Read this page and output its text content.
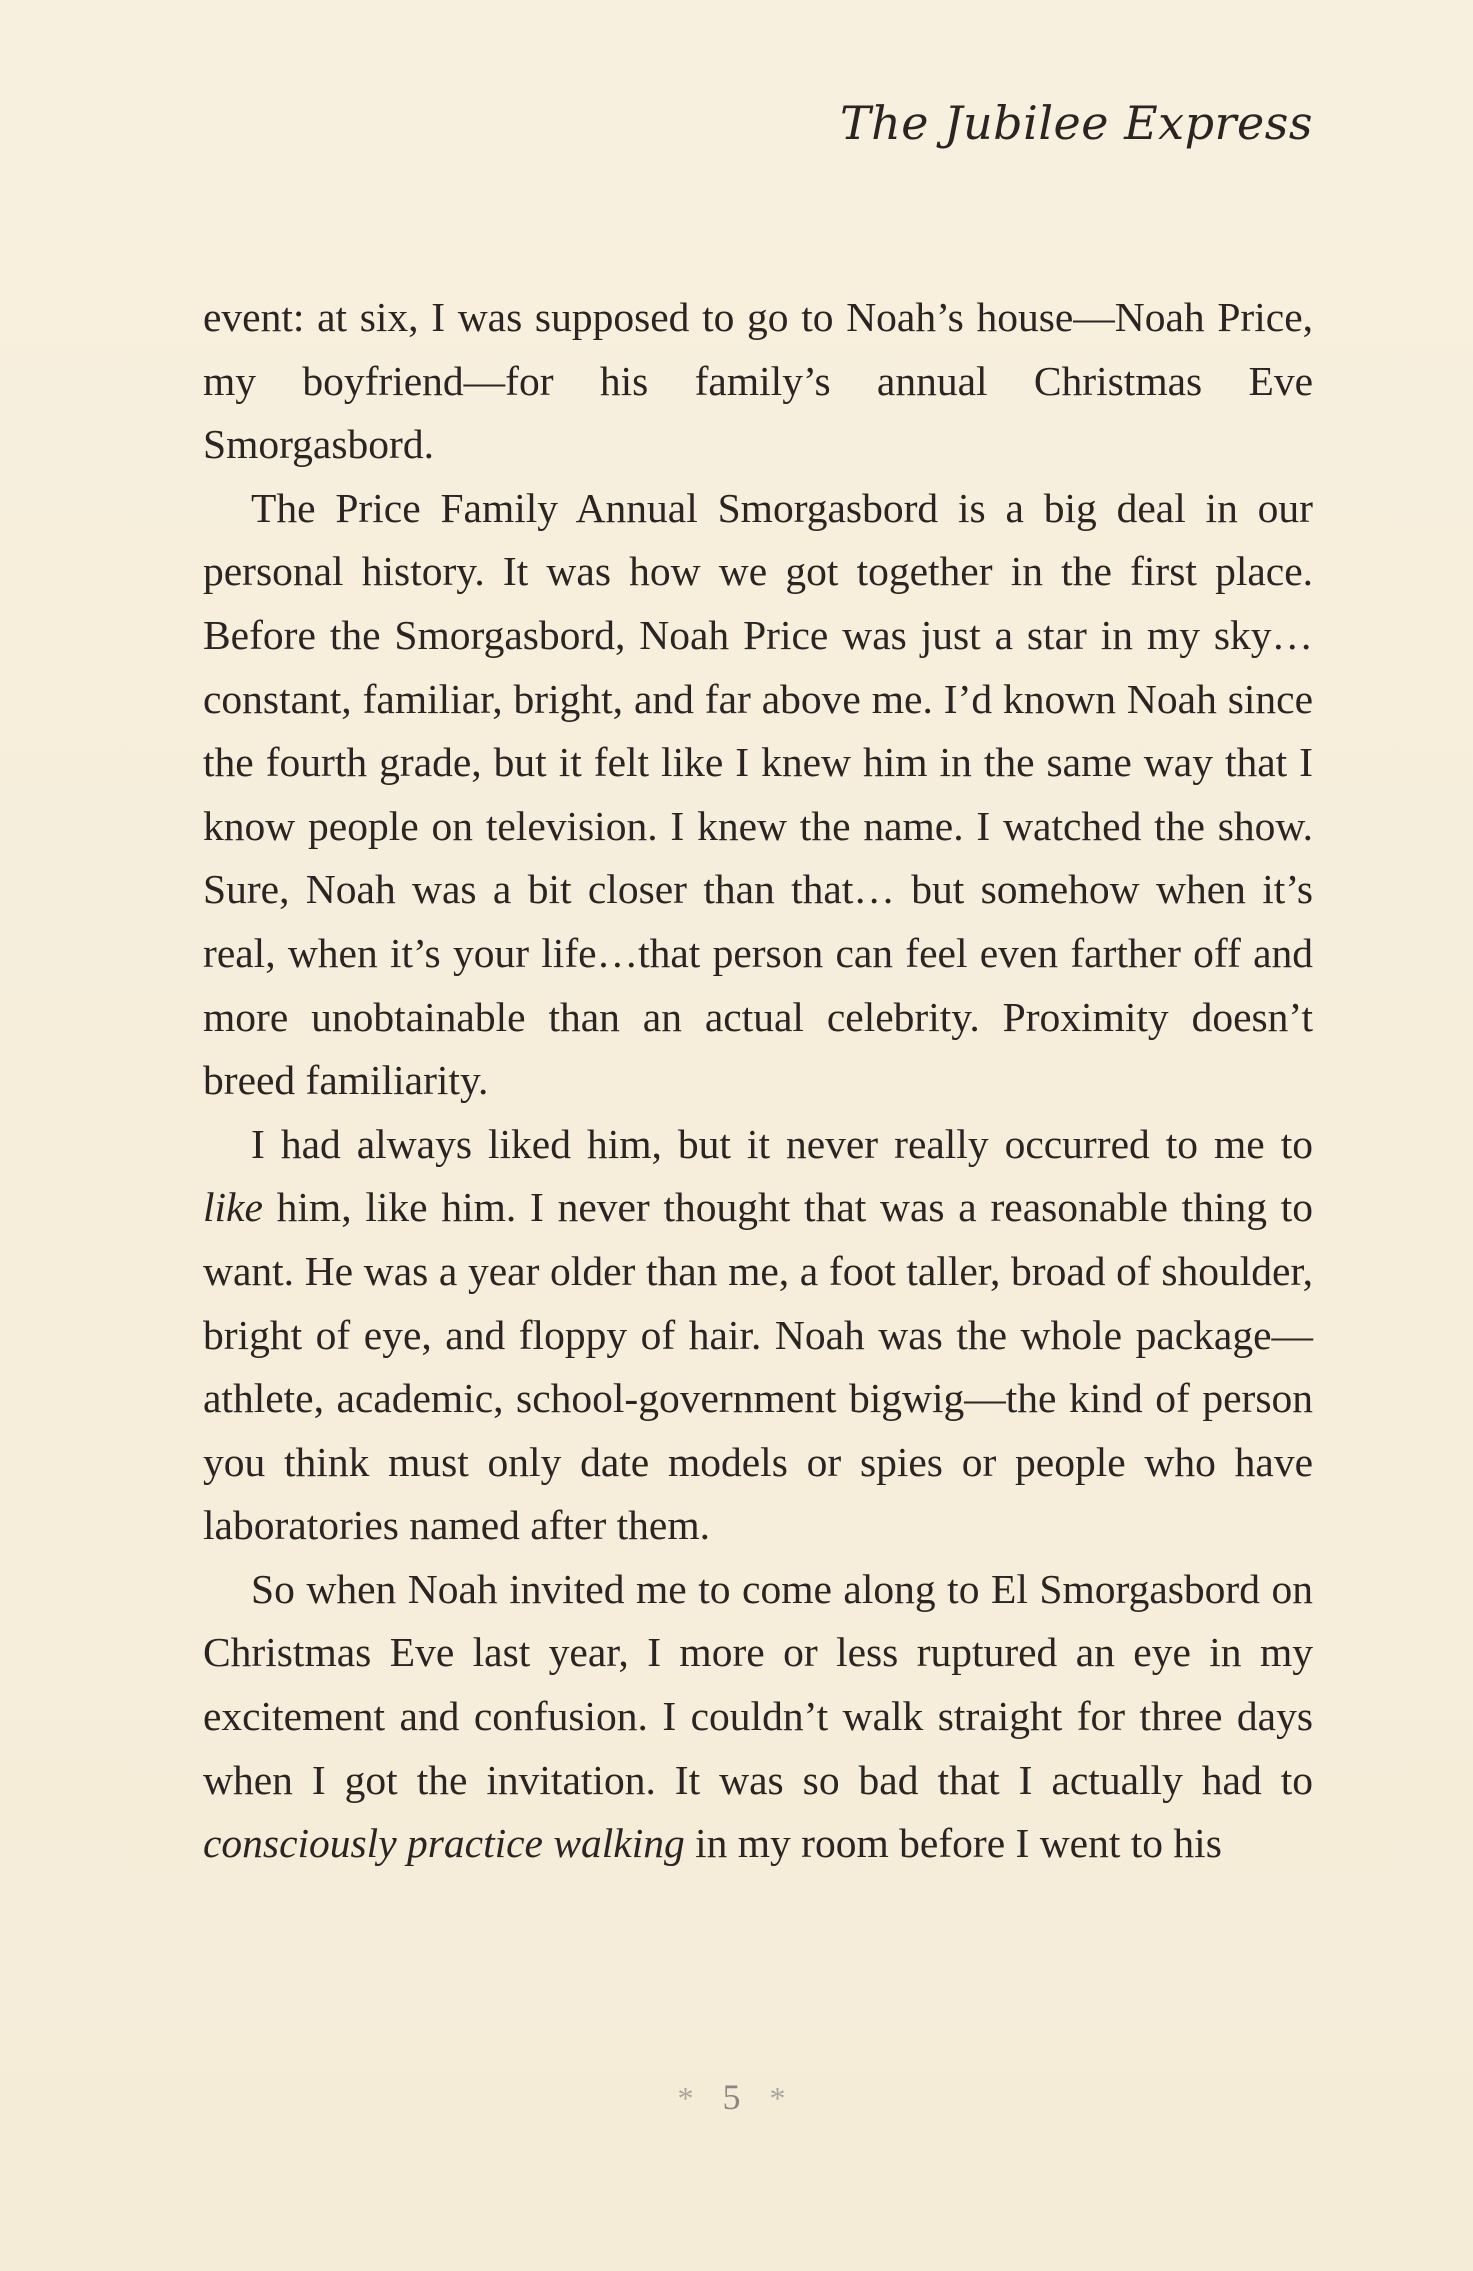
The Jubilee Express

event: at six, I was supposed to go to Noah’s house—Noah Price, my boyfriend—for his family’s annual Christmas Eve Smorgasbord.

The Price Family Annual Smorgasbord is a big deal in our personal history. It was how we got together in the first place. Before the Smorgasbord, Noah Price was just a star in my sky…constant, familiar, bright, and far above me. I’d known Noah since the fourth grade, but it felt like I knew him in the same way that I know people on television. I knew the name. I watched the show. Sure, Noah was a bit closer than that… but somehow when it’s real, when it’s your life…that person can feel even farther off and more unobtainable than an actual celebrity. Proximity doesn’t breed familiarity.

I had always liked him, but it never really occurred to me to like him, like him. I never thought that was a reasonable thing to want. He was a year older than me, a foot taller, broad of shoulder, bright of eye, and floppy of hair. Noah was the whole package—athlete, academic, school-government bigwig—the kind of person you think must only date models or spies or people who have laboratories named after them.

So when Noah invited me to come along to El Smorgasbord on Christmas Eve last year, I more or less ruptured an eye in my excitement and confusion. I couldn’t walk straight for three days when I got the invitation. It was so bad that I actually had to consciously practice walking in my room before I went to his

* 5 *
